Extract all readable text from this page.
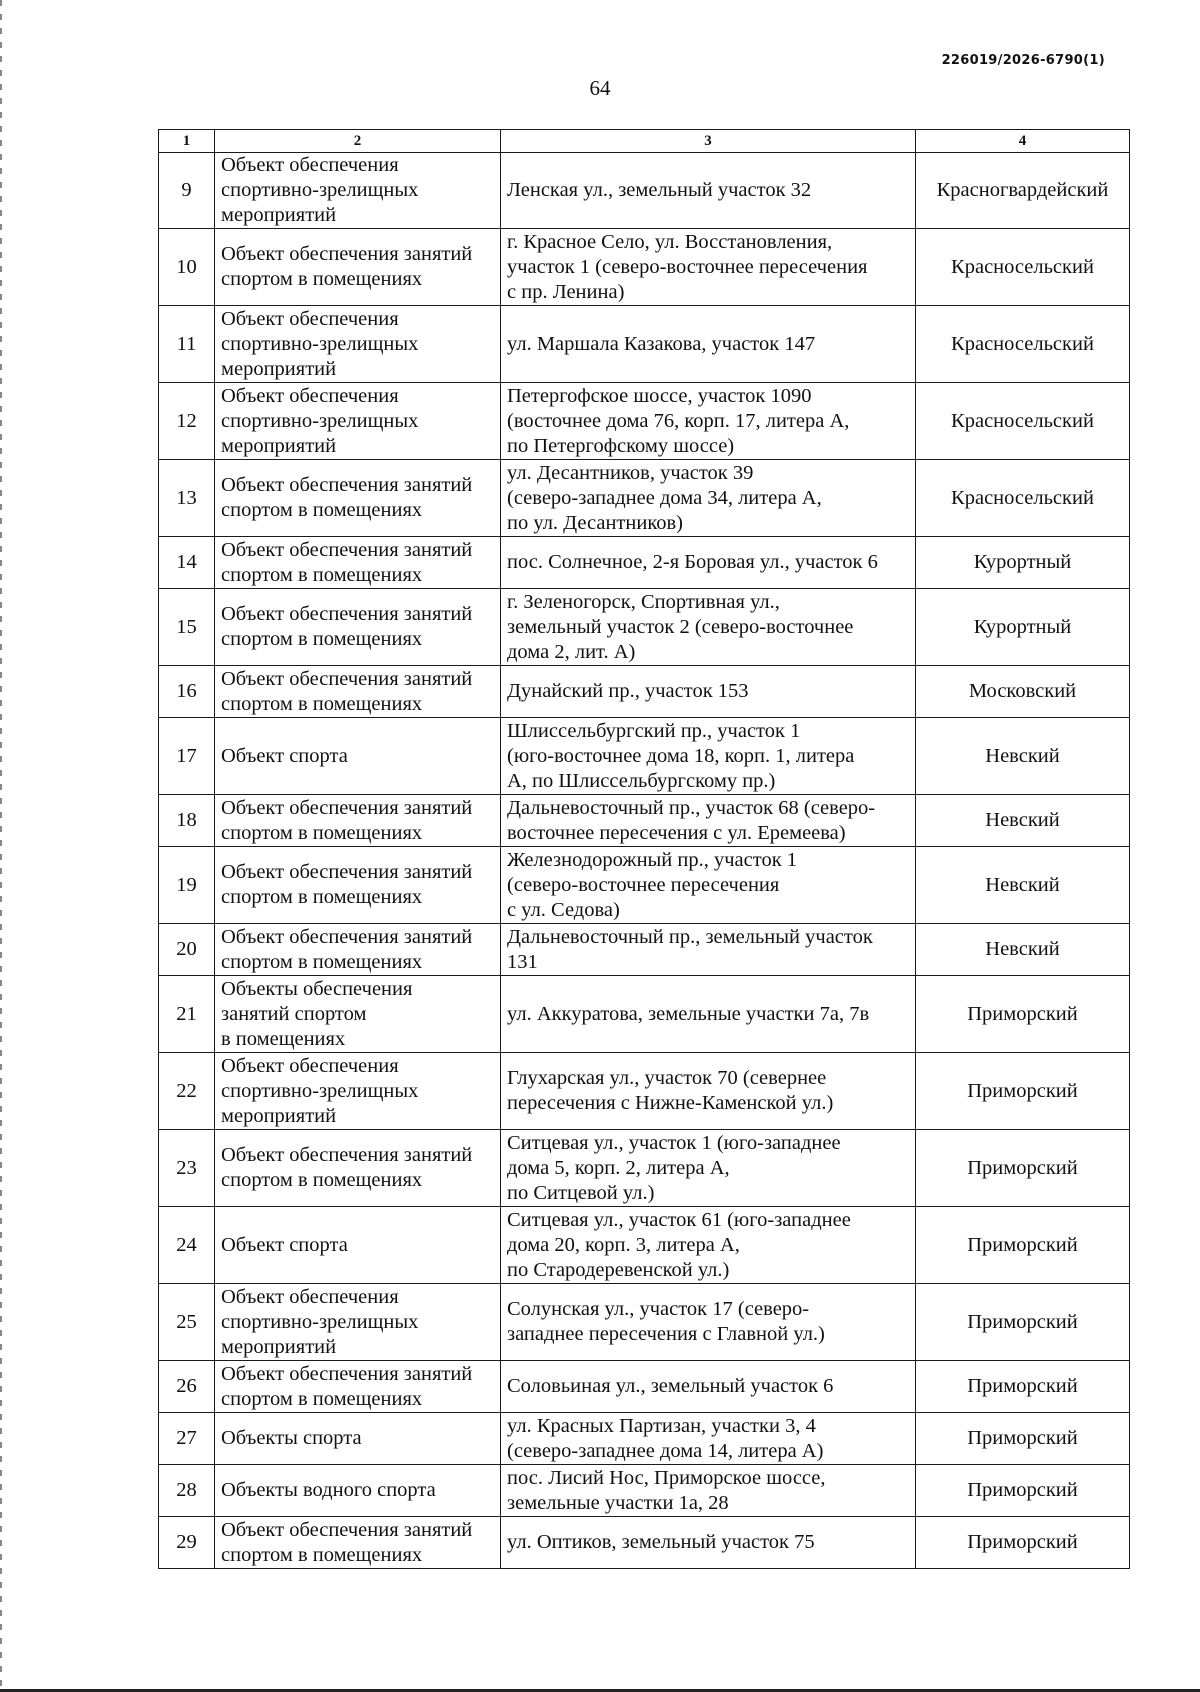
226019/2026-6790(1)
64
1	2	3	4
9	Объект обеспечения
спортивно-зрелищных
мероприятий	Ленская ул., земельный участок 32	Красногвардейский
10	Объект обеспечения занятий
спортом в помещениях	г. Красное Село, ул. Восстановления,
участок 1 (северо-восточнее пересечения
с пр. Ленина)	Красносельский
11	Объект обеспечения
спортивно-зрелищных
мероприятий	ул. Маршала Казакова, участок 147	Красносельский
12	Объект обеспечения
спортивно-зрелищных
мероприятий	Петергофское шоссе, участок 1090
(восточнее дома 76, корп. 17, литера А,
по Петергофскому шоссе)	Красносельский
13	Объект обеспечения занятий
спортом в помещениях	ул. Десантников, участок 39
(северо-западнее дома 34, литера А,
по ул. Десантников)	Красносельский
14	Объект обеспечения занятий
спортом в помещениях	пос. Солнечное, 2-я Боровая ул., участок 6	Курортный
15	Объект обеспечения занятий
спортом в помещениях	г. Зеленогорск, Спортивная ул.,
земельный участок 2 (северо-восточнее
дома 2, лит. А)	Курортный
16	Объект обеспечения занятий
спортом в помещениях	Дунайский пр., участок 153	Московский
17	Объект спорта	Шлиссельбургский пр., участок 1
(юго-восточнее дома 18, корп. 1, литера
А, по Шлиссельбургскому пр.)	Невский
18	Объект обеспечения занятий
спортом в помещениях	Дальневосточный пр., участок 68 (северо-
восточнее пересечения с ул. Еремеева)	Невский
19	Объект обеспечения занятий
спортом в помещениях	Железнодорожный пр., участок 1
(северо-восточнее пересечения
с ул. Седова)	Невский
20	Объект обеспечения занятий
спортом в помещениях	Дальневосточный пр., земельный участок
131	Невский
21	Объекты обеспечения
занятий спортом
в помещениях	ул. Аккуратова, земельные участки 7а, 7в	Приморский
22	Объект обеспечения
спортивно-зрелищных
мероприятий	Глухарская ул., участок 70 (севернее
пересечения с Нижне-Каменской ул.)	Приморский
23	Объект обеспечения занятий
спортом в помещениях	Ситцевая ул., участок 1 (юго-западнее
дома 5, корп. 2, литера А,
по Ситцевой ул.)	Приморский
24	Объект спорта	Ситцевая ул., участок 61 (юго-западнее
дома 20, корп. 3, литера А,
по Стародеревенской ул.)	Приморский
25	Объект обеспечения
спортивно-зрелищных
мероприятий	Солунская ул., участок 17 (северо-
западнее пересечения с Главной ул.)	Приморский
26	Объект обеспечения занятий
спортом в помещениях	Соловьиная ул., земельный участок 6	Приморский
27	Объекты спорта	ул. Красных Партизан, участки 3, 4
(северо-западнее дома 14, литера А)	Приморский
28	Объекты водного спорта	пос. Лисий Нос, Приморское шоссе,
земельные участки 1а, 28	Приморский
29	Объект обеспечения занятий
спортом в помещениях	ул. Оптиков, земельный участок 75	Приморский
